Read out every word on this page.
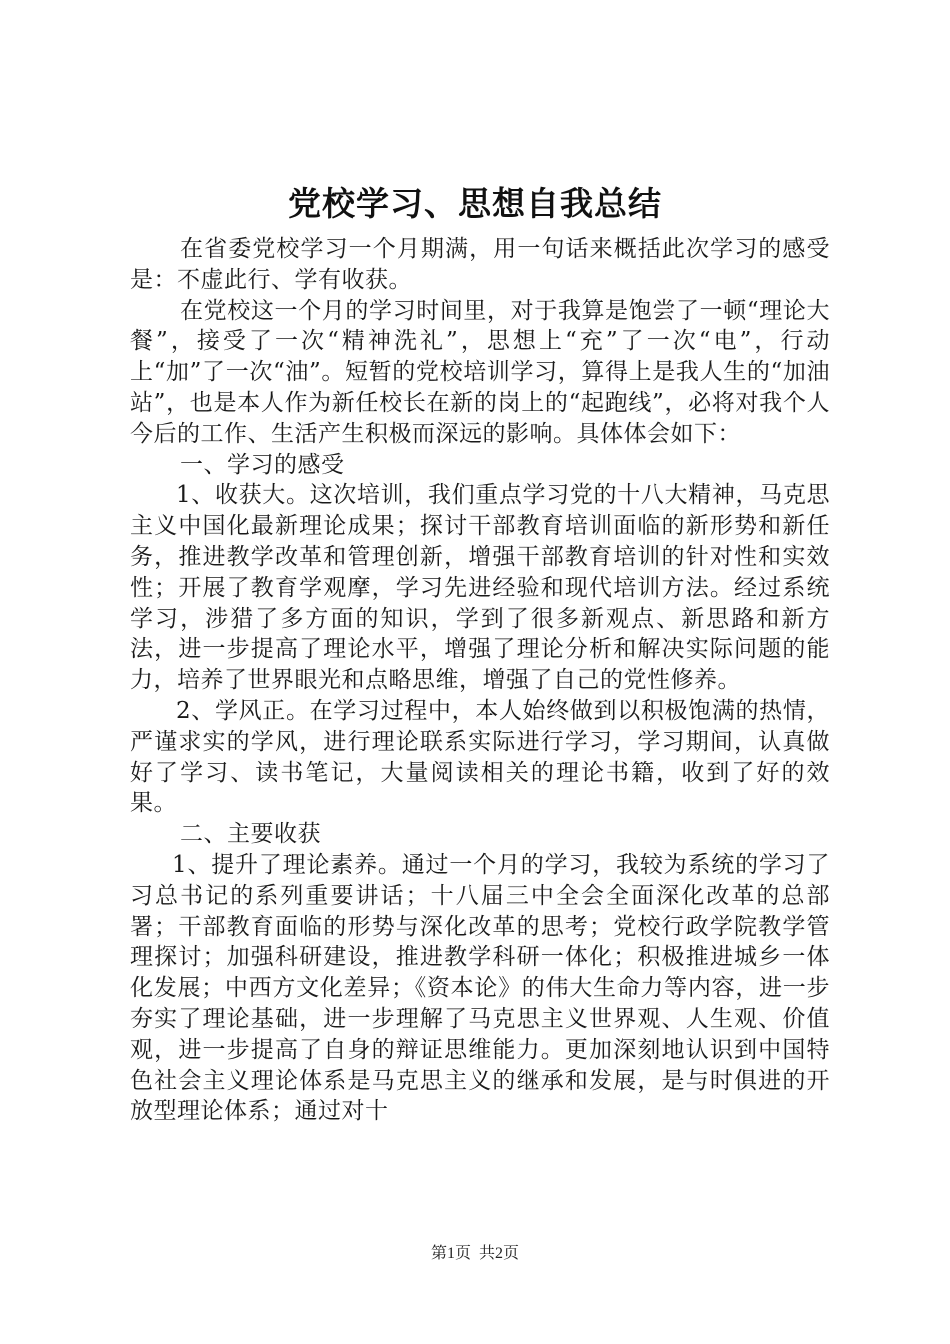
党校学习、思想自我总结

在省委党校学习一个月期满，用一句话来概括此次学习的感受是：不虚此行、学有收获。

在党校这一个月的学习时间里，对于我算是饱尝了一顿“理论大餐”，接受了一次“精神洗礼”，思想上“充”了一次“电”，行动上“加”了一次“油”。短暂的党校培训学习，算得上是我人生的“加油站”，也是本人作为新任校长在新的岗上的“起跑线”，必将对我个人今后的工作、生活产生积极而深远的影响。具体体会如下：

一、学习的感受

1、收获大。这次培训，我们重点学习党的十八大精神，马克思主义中国化最新理论成果；探讨干部教育培训面临的新形势和新任务，推进教学改革和管理创新，增强干部教育培训的针对性和实效性；开展了教育学观摩，学习先进经验和现代培训方法。经过系统学习，涉猎了多方面的知识，学到了很多新观点、新思路和新方法，进一步提高了理论水平，增强了理论分析和解决实际问题的能力，培养了世界眼光和点略思维，增强了自己的党性修养。

2、学风正。在学习过程中，本人始终做到以积极饱满的热情，严谨求实的学风，进行理论联系实际进行学习，学习期间，认真做好了学习、读书笔记，大量阅读相关的理论书籍，收到了好的效果。

二、主要收获

1、提升了理论素养。通过一个月的学习，我较为系统的学习了习总书记的系列重要讲话；十八届三中全会全面深化改革的总部署；干部教育面临的形势与深化改革的思考；党校行政学院教学管理探讨；加强科研建设，推进教学科研一体化；积极推进城乡一体化发展；中西方文化差异；《资本论》的伟大生命力等内容，进一步夯实了理论基础，进一步理解了马克思主义世界观、人生观、价值观，进一步提高了自身的辩证思维能力。更加深刻地认识到中国特色社会主义理论体系是马克思主义的继承和发展，是与时俱进的开放型理论体系；通过对十

第1页  共2页
